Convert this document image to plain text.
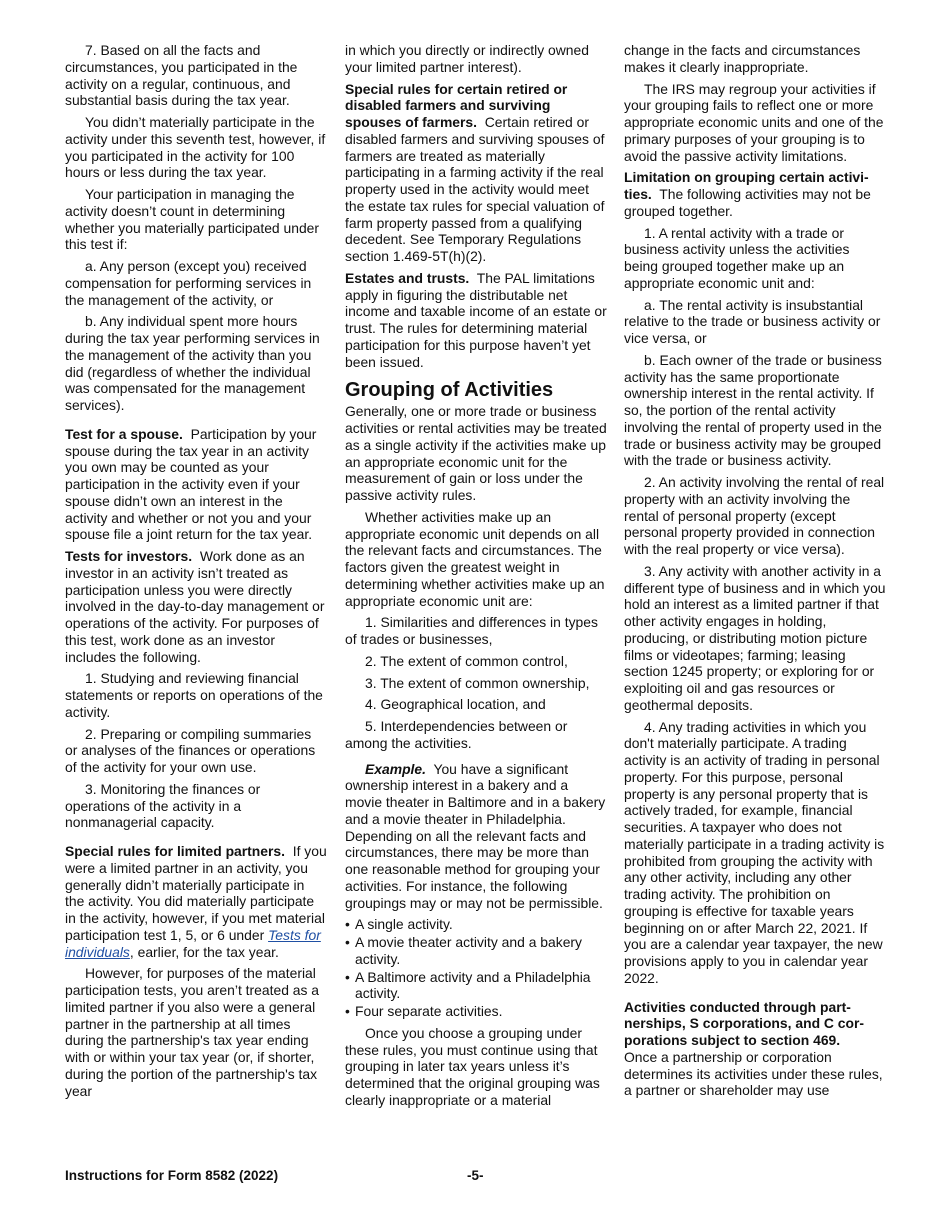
7. Based on all the facts and circumstances, you participated in the activity on a regular, continuous, and substantial basis during the tax year.

You didn’t materially participate in the activity under this seventh test, however, if you participated in the activity for 100 hours or less during the tax year.

Your participation in managing the activity doesn’t count in determining whether you materially participated under this test if:

a. Any person (except you) received compensation for performing services in the management of the activity, or

b. Any individual spent more hours during the tax year performing services in the management of the activity than you did (regardless of whether the individual was compensated for the management services).

Test for a spouse. Participation by your spouse during the tax year in an activity you own may be counted as your participation in the activity even if your spouse didn’t own an interest in the activity and whether or not you and your spouse file a joint return for the tax year.

Tests for investors. Work done as an investor in an activity isn’t treated as participation unless you were directly involved in the day-to-day management or operations of the activity. For purposes of this test, work done as an investor includes the following.

1. Studying and reviewing financial statements or reports on operations of the activity.

2. Preparing or compiling summaries or analyses of the finances or operations of the activity for your own use.

3. Monitoring the finances or operations of the activity in a nonmanagerial capacity.

Special rules for limited partners. If you were a limited partner in an activity, you generally didn’t materially participate in the activity. You did materially participate in the activity, however, if you met material participation test 1, 5, or 6 under Tests for individuals, earlier, for the tax year.

However, for purposes of the material participation tests, you aren’t treated as a limited partner if you also were a general partner in the partnership at all times during the partnership's tax year ending with or within your tax year (or, if shorter, during the portion of the partnership's tax year

in which you directly or indirectly owned your limited partner interest).

Special rules for certain retired or disabled farmers and surviving spouses of farmers. Certain retired or disabled farmers and surviving spouses of farmers are treated as materially participating in a farming activity if the real property used in the activity would meet the estate tax rules for special valuation of farm property passed from a qualifying decedent. See Temporary Regulations section 1.469-5T(h)(2).

Estates and trusts. The PAL limitations apply in figuring the distributable net income and taxable income of an estate or trust. The rules for determining material participation for this purpose haven’t yet been issued.

Grouping of Activities

Generally, one or more trade or business activities or rental activities may be treated as a single activity if the activities make up an appropriate economic unit for the measurement of gain or loss under the passive activity rules.

Whether activities make up an appropriate economic unit depends on all the relevant facts and circumstances. The factors given the greatest weight in determining whether activities make up an appropriate economic unit are:

1. Similarities and differences in types of trades or businesses,

2. The extent of common control,

3. The extent of common ownership,

4. Geographical location, and

5. Interdependencies between or among the activities.

Example. You have a significant ownership interest in a bakery and a movie theater in Baltimore and in a bakery and a movie theater in Philadelphia. Depending on all the relevant facts and circumstances, there may be more than one reasonable method for grouping your activities. For instance, the following groupings may or may not be permissible.

• A single activity.

• A movie theater activity and a bakery activity.

• A Baltimore activity and a Philadelphia activity.

• Four separate activities.

Once you choose a grouping under these rules, you must continue using that grouping in later tax years unless it’s determined that the original grouping was clearly inappropriate or a material

change in the facts and circumstances makes it clearly inappropriate.

The IRS may regroup your activities if your grouping fails to reflect one or more appropriate economic units and one of the primary purposes of your grouping is to avoid the passive activity limitations.

Limitation on grouping certain activi-ties. The following activities may not be grouped together.

1. A rental activity with a trade or business activity unless the activities being grouped together make up an appropriate economic unit and:

a. The rental activity is insubstantial relative to the trade or business activity or vice versa, or

b. Each owner of the trade or business activity has the same proportionate ownership interest in the rental activity. If so, the portion of the rental activity involving the rental of property used in the trade or business activity may be grouped with the trade or business activity.

2. An activity involving the rental of real property with an activity involving the rental of personal property (except personal property provided in connection with the real property or vice versa).

3. Any activity with another activity in a different type of business and in which you hold an interest as a limited partner if that other activity engages in holding, producing, or distributing motion picture films or videotapes; farming; leasing section 1245 property; or exploring for or exploiting oil and gas resources or geothermal deposits.

4. Any trading activities in which you don't materially participate. A trading activity is an activity of trading in personal property. For this purpose, personal property is any personal property that is actively traded, for example, financial securities. A taxpayer who does not materially participate in a trading activity is prohibited from grouping the activity with any other activity, including any other trading activity. The prohibition on grouping is effective for taxable years beginning on or after March 22, 2021. If you are a calendar year taxpayer, the new provisions apply to you in calendar year 2022.

Activities conducted through part-nerships, S corporations, and C cor-porations subject to section 469.
Once a partnership or corporation determines its activities under these rules, a partner or shareholder may use

Instructions for Form 8582 (2022)	-5-
